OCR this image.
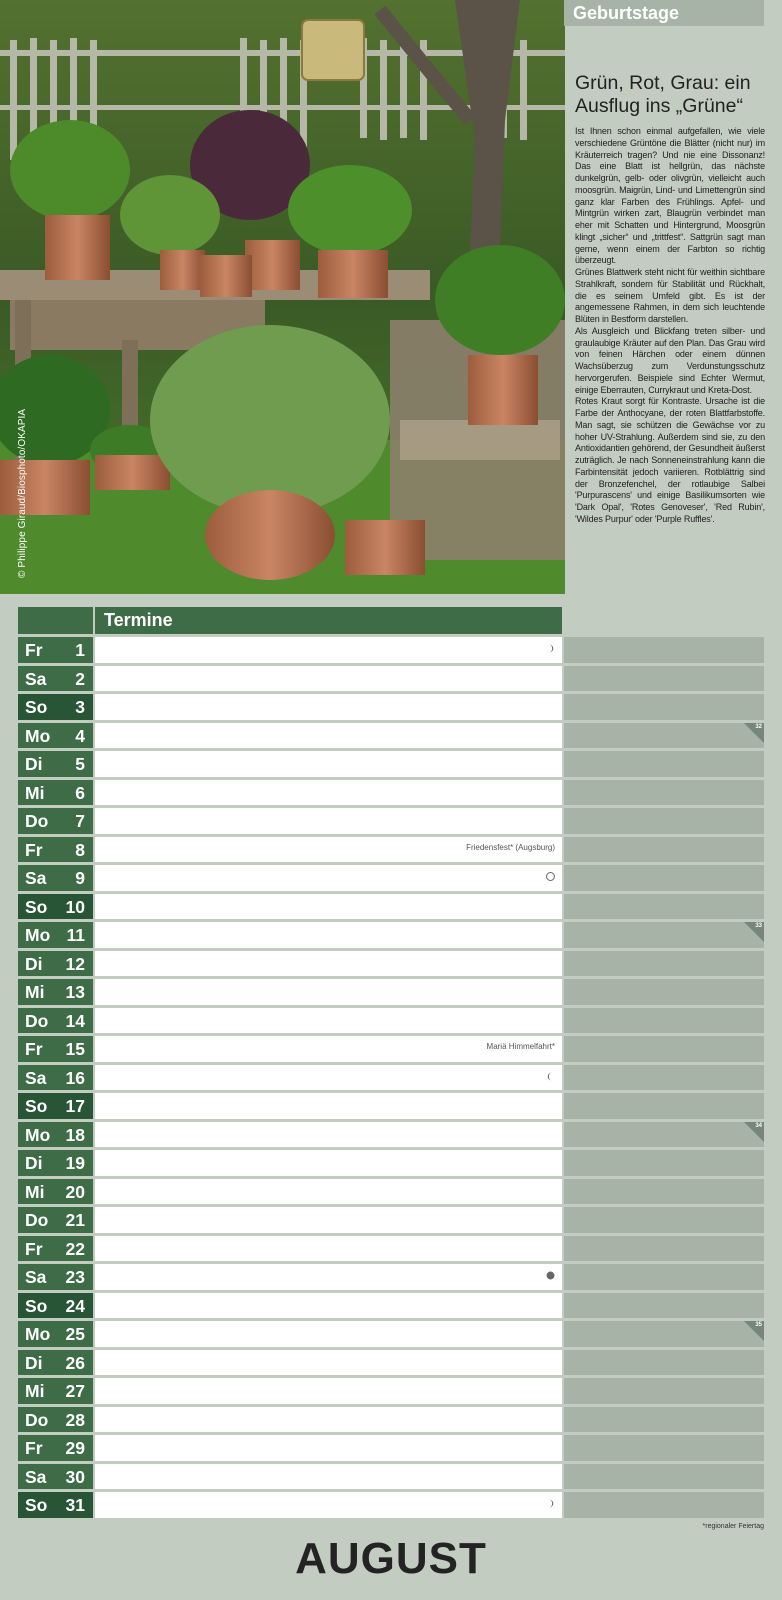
© Philippe Giraud/Biosphoto/OKAPIA
Grün, Rot, Grau: ein Ausflug ins „Grüne“

Ist Ihnen schon einmal aufgefallen, wie viele verschiedene Grüntöne die Blätter (nicht nur) im Kräuterreich tragen? Und nie eine Dissonanz! Das eine Blatt ist hellgrün, das nächste dunkelgrün, gelb- oder olivgrün, vielleicht auch moosgrün. Maigrün, Lind- und Limettengrün sind ganz klar Farben des Frühlings. Apfel- und Mintgrün wirken zart, Blaugrün verbindet man eher mit Schatten und Hintergrund, Moosgrün klingt „sicher“ und „trittfest“. Sattgrün sagt man gerne, wenn einem der Farbton so richtig überzeugt.
Grünes Blattwerk steht nicht für weithin sichtbare Strahlkraft, sondern für Stabilität und Rückhalt, die es seinem Umfeld gibt. Es ist der angemessene Rahmen, in dem sich leuchtende Blüten in Bestform darstellen.
Als Ausgleich und Blickfang treten silber- und graulaubige Kräuter auf den Plan. Das Grau wird von feinen Härchen oder einem dünnen Wachsüberzug zum Verdunstungsschutz hervorgerufen. Beispiele sind Echter Wermut, einige Eberrauten, Currykraut und Kreta-Dost.
Rotes Kraut sorgt für Kontraste. Ursache ist die Farbe der Anthocyane, der roten Blattfarbstoffe. Man sagt, sie schützen die Gewächse vor zu hoher UV-Strahlung. Außerdem sind sie, zu den Antioxidantien gehörend, der Gesundheit äußerst zuträglich. Je nach Sonneneinstrahlung kann die Farbintensität jedoch variieren. Rotblättrig sind der Bronzefenchel, der rotlaubige Salbei 'Purpurascens' und einige Basilikumsorten wie 'Dark Opal', 'Rotes Genoveser', 'Red Rubin', 'Wildes Purpur' oder 'Purple Ruffles'.

Termine
Geburtstage
Fr 1
Sa 2
So 3
Mo 4	32
Di 5
Mi 6
Do 7
Fr 8	Friedensfest* (Augsburg)
Sa 9
So 10
Mo 11	33
Di 12
Mi 13
Do 14
Fr 15	Mariä Himmelfahrt*
Sa 16
So 17
Mo 18	34
Di 19
Mi 20
Do 21
Fr 22
Sa 23
So 24
Mo 25	35
Di 26
Mi 27
Do 28
Fr 29
Sa 30
So 31
*regionaler Feiertag
AUGUST
